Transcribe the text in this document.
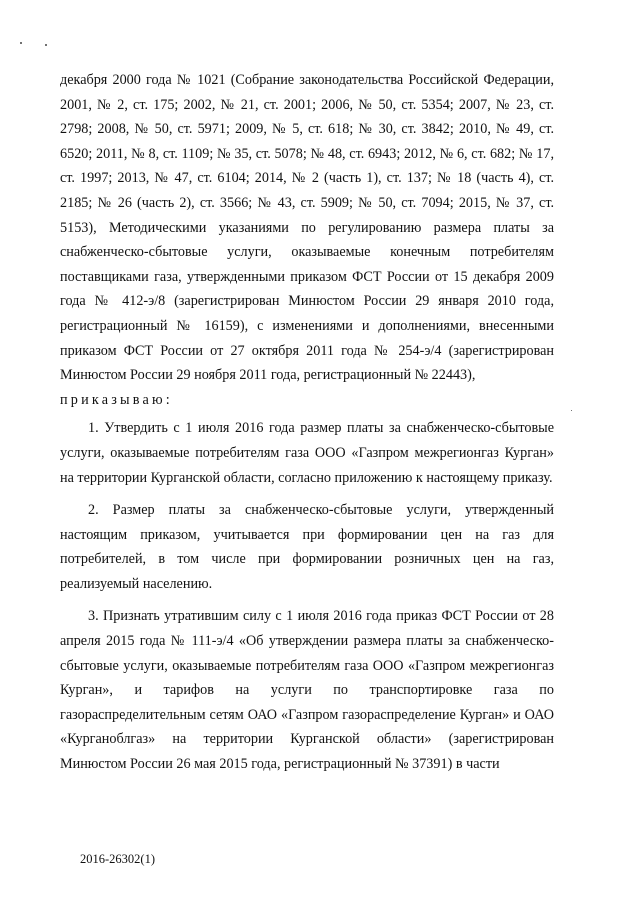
декабря 2000 года № 1021 (Собрание законодательства Российской Федерации, 2001, № 2, ст. 175; 2002, № 21, ст. 2001; 2006, № 50, ст. 5354; 2007, № 23, ст. 2798; 2008, № 50, ст. 5971; 2009, № 5, ст. 618; № 30, ст. 3842; 2010, № 49, ст. 6520; 2011, № 8, ст. 1109; № 35, ст. 5078; № 48, ст. 6943; 2012, № 6, ст. 682; № 17, ст. 1997; 2013, № 47, ст. 6104; 2014, № 2 (часть 1), ст. 137; № 18 (часть 4), ст. 2185; № 26 (часть 2), ст. 3566; № 43, ст. 5909; № 50, ст. 7094; 2015, № 37, ст. 5153), Методическими указаниями по регулированию размера платы за снабженческо-сбытовые услуги, оказываемые конечным потребителям поставщиками газа, утвержденными приказом ФСТ России от 15 декабря 2009 года № 412-э/8 (зарегистрирован Минюстом России 29 января 2010 года, регистрационный № 16159), с изменениями и дополнениями, внесенными приказом ФСТ России от 27 октября 2011 года № 254-э/4 (зарегистрирован Минюстом России 29 ноября 2011 года, регистрационный № 22443),

приказываю:

1. Утвердить с 1 июля 2016 года размер платы за снабженческо-сбытовые услуги, оказываемые потребителям газа ООО «Газпром межрегионгаз Курган» на территории Курганской области, согласно приложению к настоящему приказу.

2. Размер платы за снабженческо-сбытовые услуги, утвержденный настоящим приказом, учитывается при формировании цен на газ для потребителей, в том числе при формировании розничных цен на газ, реализуемый населению.

3. Признать утратившим силу с 1 июля 2016 года приказ ФСТ России от 28 апреля 2015 года № 111-э/4 «Об утверждении размера платы за снабженческо-сбытовые услуги, оказываемые потребителям газа ООО «Газпром межрегионгаз Курган», и тарифов на услуги по транспортировке газа по газораспределительным сетям ОАО «Газпром газораспределение Курган» и ОАО «Курганоблгаз» на территории Курганской области» (зарегистрирован Минюстом России 26 мая 2015 года, регистрационный № 37391) в части

2016-26302(1)
